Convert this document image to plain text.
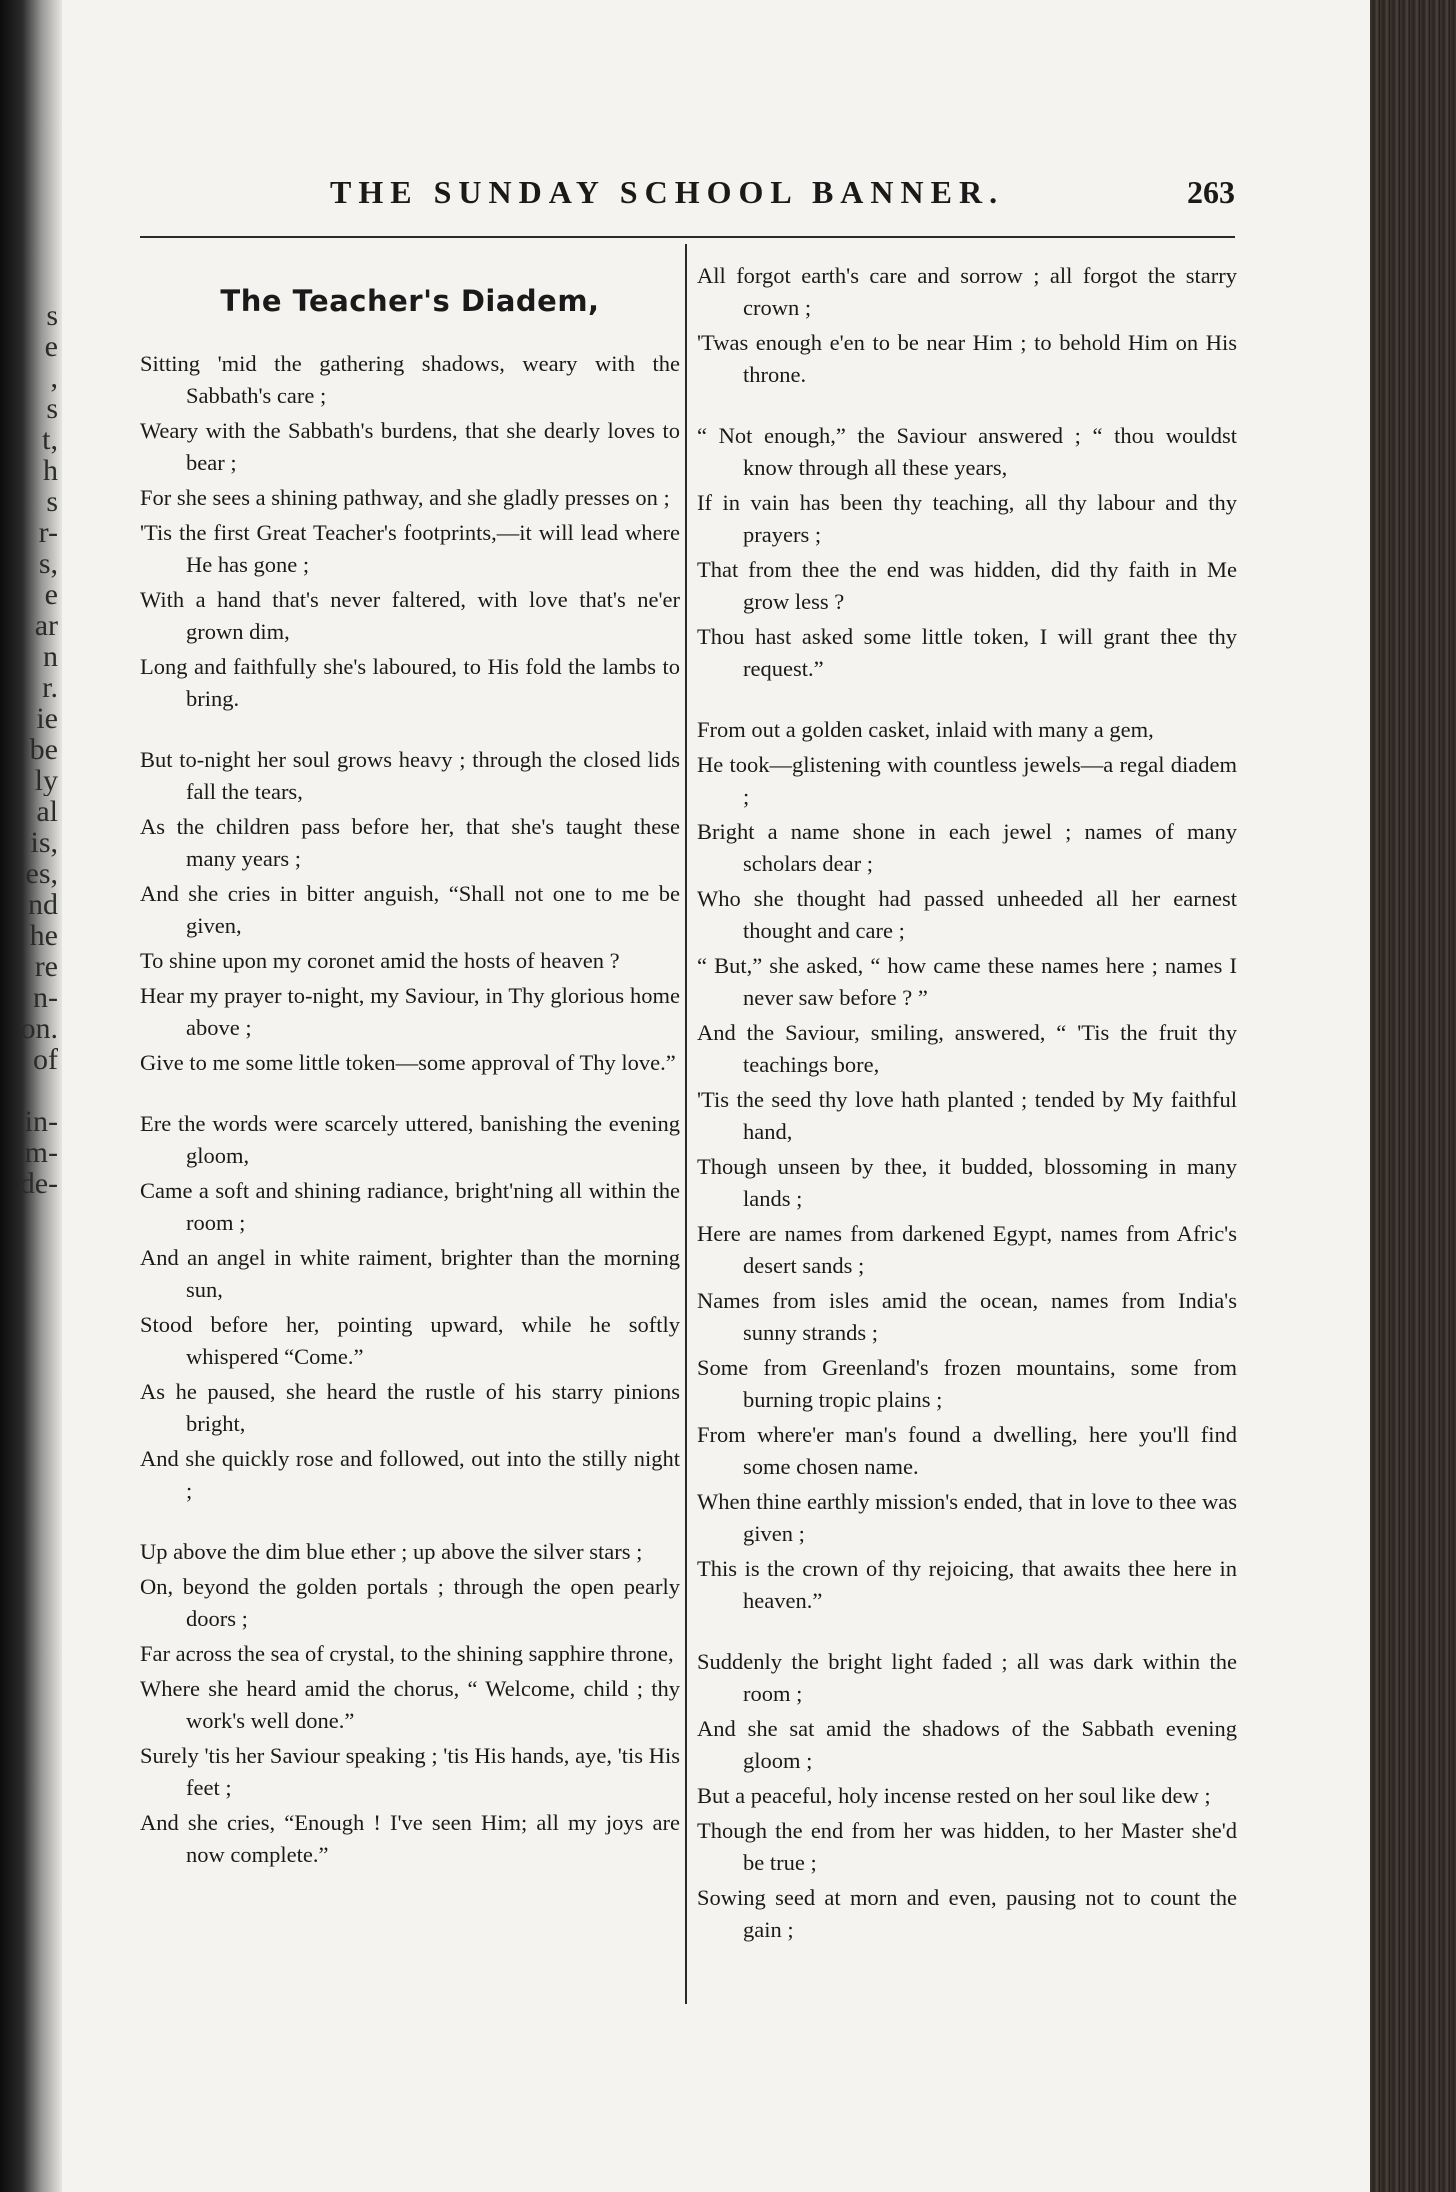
s
e
,
s
t,
h
s
r-
s,
e
ar
n
r.
ie
be
ly
al
is,
es,
nd
he
re
n-
on.
of
in-
m-
de-
THE SUNDAY SCHOOL BANNER.	263
The Teacher's Diadem,
Sitting 'mid the gathering shadows, weary with the Sabbath's care ;
Weary with the Sabbath's burdens, that she dearly loves to bear ;
For she sees a shining pathway, and she gladly presses on ;
'Tis the first Great Teacher's footprints,—it will lead where He has gone ;
With a hand that's never faltered, with love that's ne'er grown dim,
Long and faithfully she's laboured, to His fold the lambs to bring.
But to-night her soul grows heavy ; through the closed lids fall the tears,
As the children pass before her, that she's taught these many years ;
And she cries in bitter anguish, “Shall not one to me be given,
To shine upon my coronet amid the hosts of heaven ?
Hear my prayer to-night, my Saviour, in Thy glorious home above ;
Give to me some little token—some approval of Thy love.”
Ere the words were scarcely uttered, banishing the evening gloom,
Came a soft and shining radiance, bright'ning all within the room ;
And an angel in white raiment, brighter than the morning sun,
Stood before her, pointing upward, while he softly whispered “Come.”
As he paused, she heard the rustle of his starry pinions bright,
And she quickly rose and followed, out into the stilly night ;
Up above the dim blue ether ; up above the silver stars ;
On, beyond the golden portals ; through the open pearly doors ;
Far across the sea of crystal, to the shining sapphire throne,
Where she heard amid the chorus, “ Welcome, child ; thy work's well done.”
Surely 'tis her Saviour speaking ; 'tis His hands, aye, 'tis His feet ;
And she cries, “Enough ! I've seen Him; all my joys are now complete.”
All forgot earth's care and sorrow ; all forgot the starry crown ;
'Twas enough e'en to be near Him ; to behold Him on His throne.
“ Not enough,” the Saviour answered ; “ thou wouldst know through all these years,
If in vain has been thy teaching, all thy labour and thy prayers ;
That from thee the end was hidden, did thy faith in Me grow less ?
Thou hast asked some little token, I will grant thee thy request.”
From out a golden casket, inlaid with many a gem,
He took—glistening with countless jewels—a regal diadem ;
Bright a name shone in each jewel ; names of many scholars dear ;
Who she thought had passed unheeded all her earnest thought and care ;
“ But,” she asked, “ how came these names here ; names I never saw before ? ”
And the Saviour, smiling, answered, “ 'Tis the fruit thy teachings bore,
'Tis the seed thy love hath planted ; tended by My faithful hand,
Though unseen by thee, it budded, blossoming in many lands ;
Here are names from darkened Egypt, names from Afric's desert sands ;
Names from isles amid the ocean, names from India's sunny strands ;
Some from Greenland's frozen mountains, some from burning tropic plains ;
From where'er man's found a dwelling, here you'll find some chosen name.
When thine earthly mission's ended, that in love to thee was given ;
This is the crown of thy rejoicing, that awaits thee here in heaven.”
Suddenly the bright light faded ; all was dark within the room ;
And she sat amid the shadows of the Sabbath evening gloom ;
But a peaceful, holy incense rested on her soul like dew ;
Though the end from her was hidden, to her Master she'd be true ;
Sowing seed at morn and even, pausing not to count the gain ;
